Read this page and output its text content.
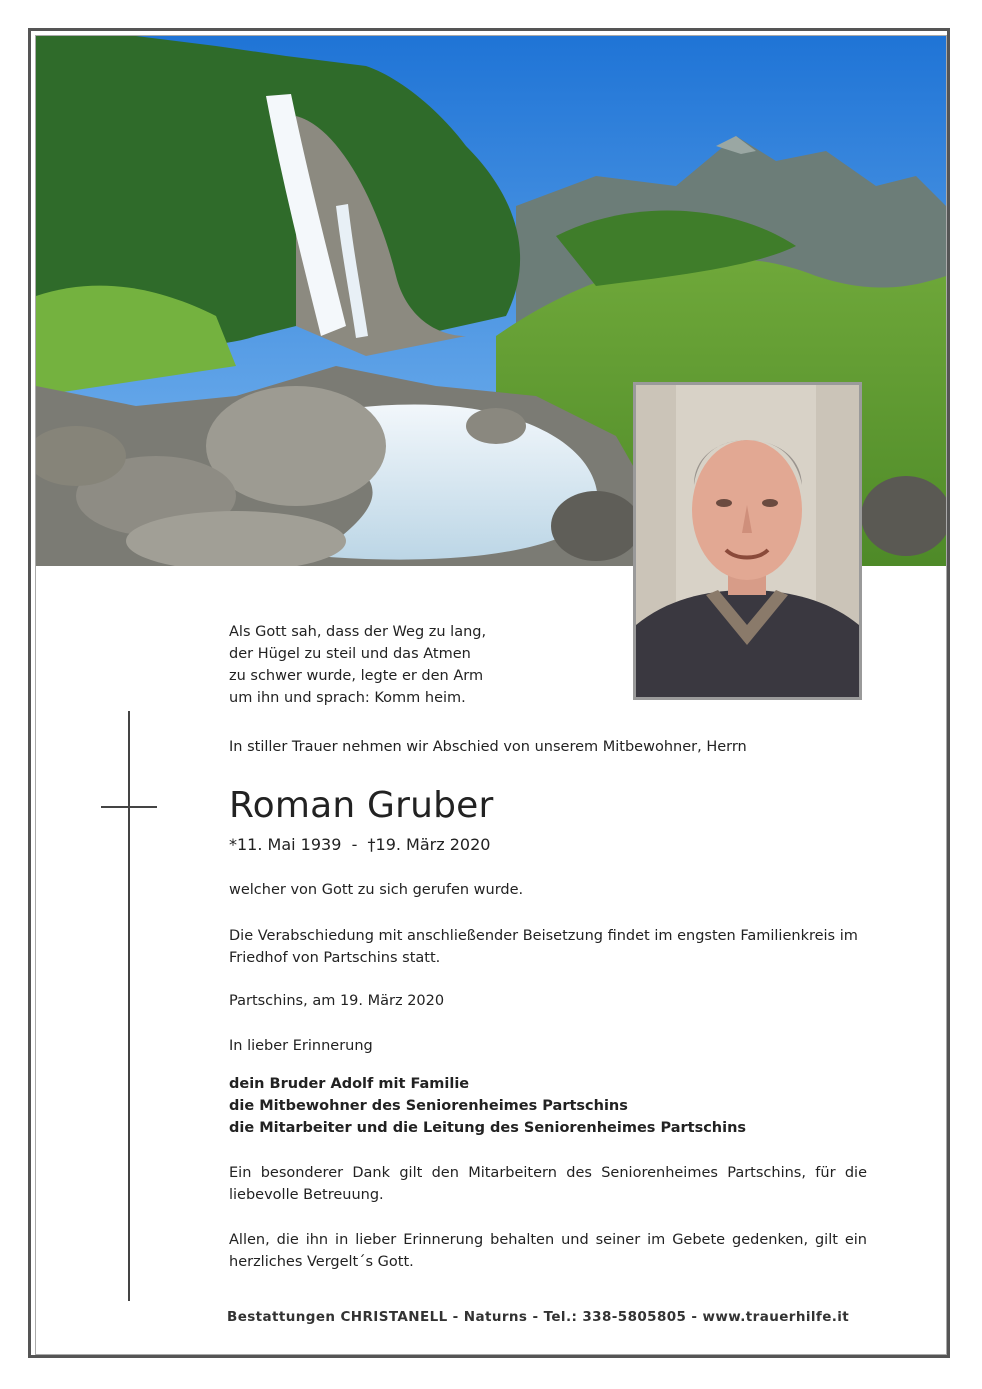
Als Gott sah, dass der Weg zu lang,
der Hügel zu steil und das Atmen
zu schwer wurde, legte er den Arm
um ihn und sprach: Komm heim.
In stiller Trauer nehmen wir Abschied von unserem Mitbewohner, Herrn
Roman Gruber
*11. Mai 1939  -  †19. März 2020
welcher von Gott zu sich gerufen wurde.
Die Verabschiedung mit anschließender Beisetzung findet im engsten Familienkreis im Friedhof von Partschins statt.
Partschins, am 19. März 2020
In lieber Erinnerung
dein Bruder Adolf mit Familie
die Mitbewohner des Seniorenheimes Partschins
die Mitarbeiter und die Leitung des Seniorenheimes Partschins
Ein besonderer Dank gilt den Mitarbeitern des Seniorenheimes Partschins, für die liebevolle Betreuung.
Allen, die ihn in lieber Erinnerung behalten und seiner im Gebete gedenken, gilt ein herzliches Vergelt´s Gott.
Bestattungen CHRISTANELL - Naturns - Tel.: 338-5805805 - www.trauerhilfe.it
